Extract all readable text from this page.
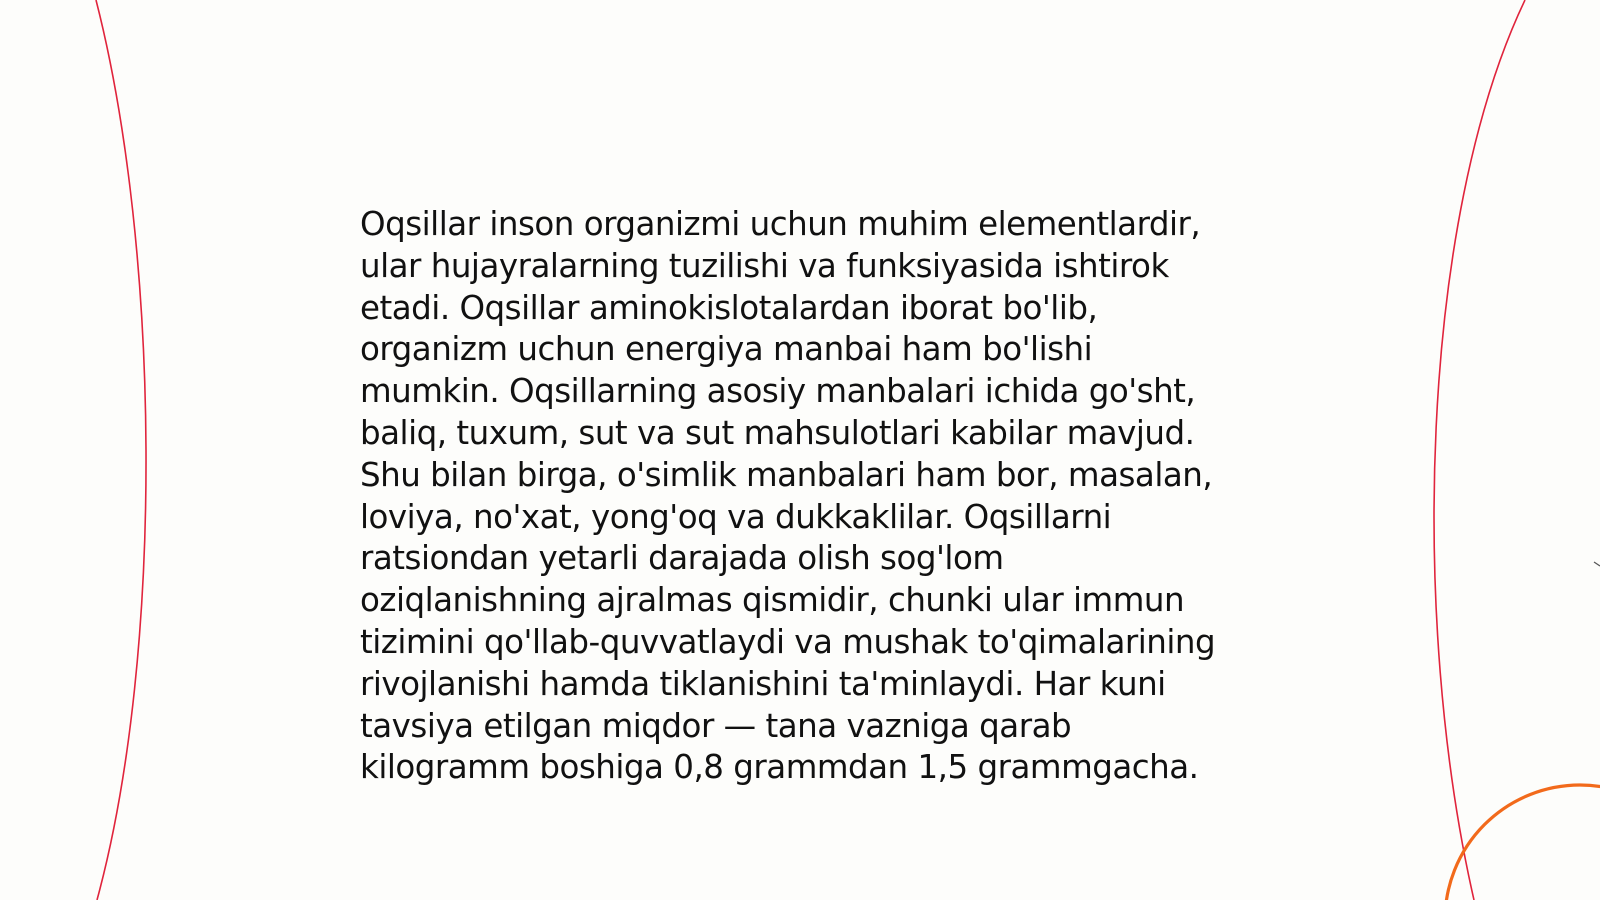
Oqsillar inson organizmi uchun muhim elementlardir,
ular hujayralarning tuzilishi va funksiyasida ishtirok
etadi. Oqsillar aminokislotalardan iborat bo'lib,
organizm uchun energiya manbai ham bo'lishi
mumkin. Oqsillarning asosiy manbalari ichida go'sht,
baliq, tuxum, sut va sut mahsulotlari kabilar mavjud.
Shu bilan birga, o'simlik manbalari ham bor, masalan,
loviya, no'xat, yong'oq va dukkaklilar. Oqsillarni
ratsiondan yetarli darajada olish sog'lom
oziqlanishning ajralmas qismidir, chunki ular immun
tizimini qo'llab-quvvatlaydi va mushak to'qimalarining
rivojlanishi hamda tiklanishini ta'minlaydi. Har kuni
tavsiya etilgan miqdor — tana vazniga qarab
kilogramm boshiga 0,8 grammdan 1,5 grammgacha.
